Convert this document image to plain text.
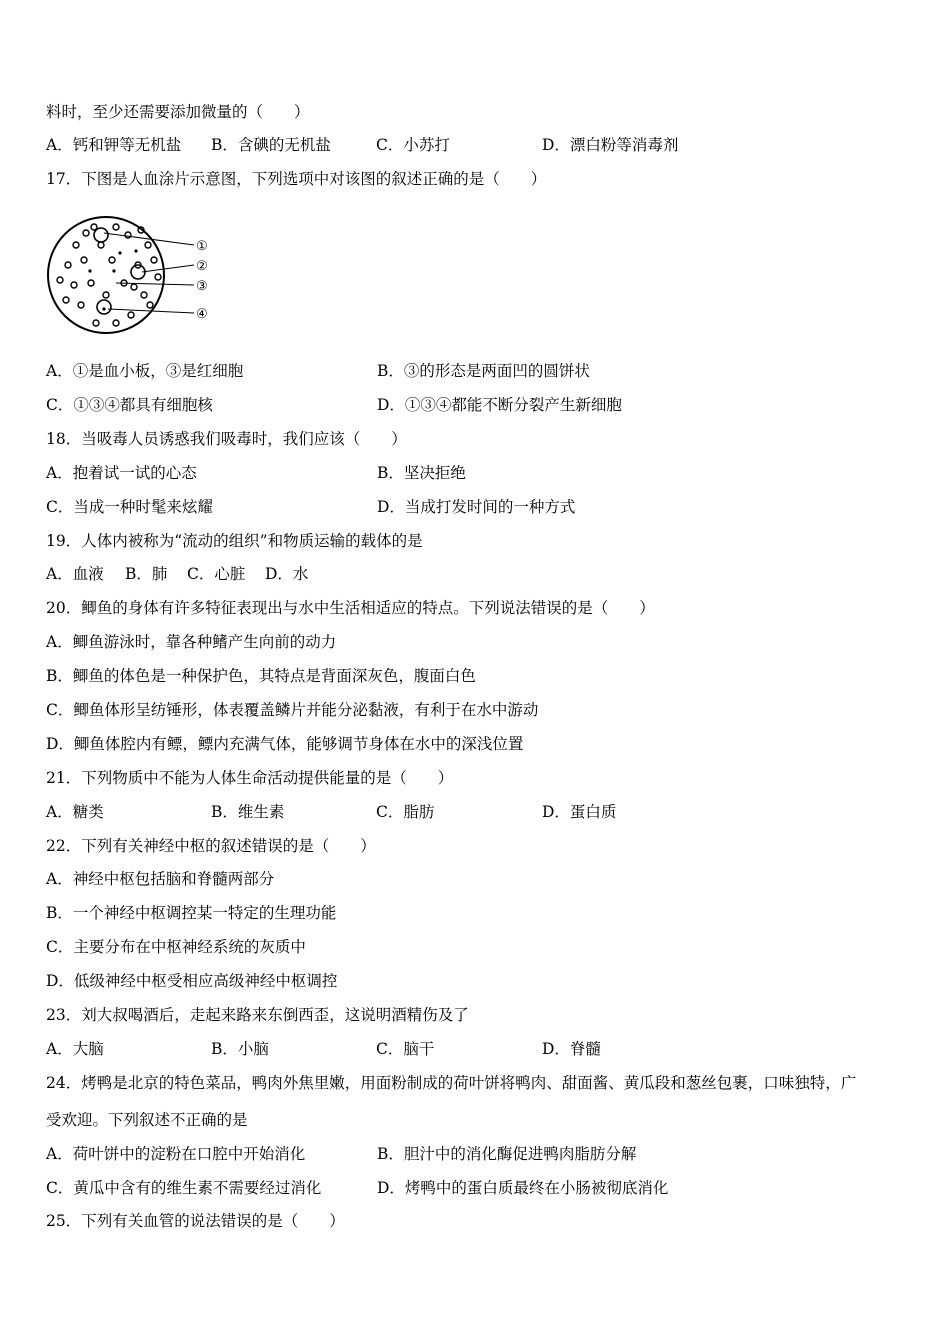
料时，至少还需要添加微量的（　　）
A．钙和钾等无机盐 B．含碘的无机盐	C．小苏打	D．漂白粉等消毒剂
17．下图是人血涂片示意图，下列选项中对该图的叙述正确的是（　　）
①
②
③
④
A．①是血小板，③是红细胞	B．③的形态是两面凹的圆饼状
C．①③④都具有细胞核	D．①③④都能不断分裂产生新细胞
18．当吸毒人员诱惑我们吸毒时，我们应该（　　）
A．抱着试一试的心态	B．坚决拒绝
C．当成一种时髦来炫耀	D．当成打发时间的一种方式
19．人体内被称为“流动的组织”和物质运输的载体的是
A．血液 B．肺 C．心脏 D．水
20．鲫鱼的身体有许多特征表现出与水中生活相适应的特点。下列说法错误的是（　　）
A．鲫鱼游泳时，靠各种鳍产生向前的动力
B．鲫鱼的体色是一种保护色，其特点是背面深灰色，腹面白色
C．鲫鱼体形呈纺锤形，体表覆盖鳞片并能分泌黏液，有利于在水中游动
D．鲫鱼体腔内有鳔，鳔内充满气体，能够调节身体在水中的深浅位置
21．下列物质中不能为人体生命活动提供能量的是（　　）
A．糖类	B．维生素	C．脂肪	D．蛋白质
22．下列有关神经中枢的叙述错误的是（　　）
A．神经中枢包括脑和脊髓两部分
B．一个神经中枢调控某一特定的生理功能
C．主要分布在中枢神经系统的灰质中
D．低级神经中枢受相应高级神经中枢调控
23．刘大叔喝酒后，走起来路来东倒西歪，这说明酒精伤及了
A．大脑	B．小脑	C．脑干	D．脊髓
24．烤鸭是北京的特色菜品，鸭肉外焦里嫩，用面粉制成的荷叶饼将鸭肉、甜面酱、黄瓜段和葱丝包裹，口味独特，广
受欢迎。下列叙述不正确的是
A．荷叶饼中的淀粉在口腔中开始消化	B．胆汁中的消化酶促进鸭肉脂肪分解
C．黄瓜中含有的维生素不需要经过消化	D．烤鸭中的蛋白质最终在小肠被彻底消化
25．下列有关血管的说法错误的是（　　）
